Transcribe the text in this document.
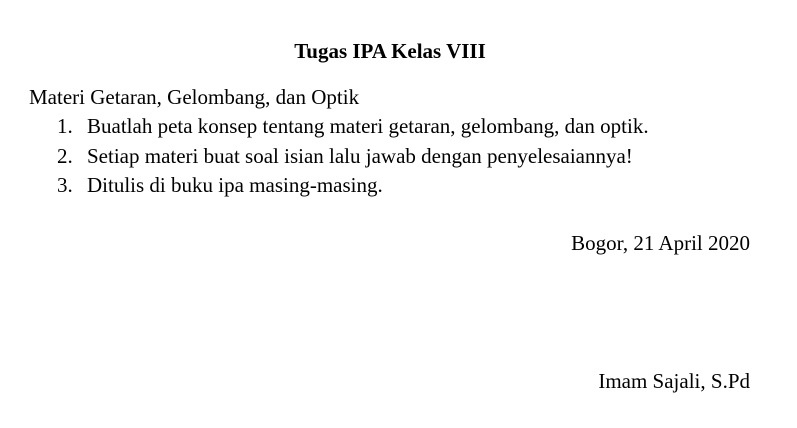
Tugas IPA Kelas VIII
Materi Getaran, Gelombang, dan Optik
1. Buatlah peta konsep tentang materi getaran, gelombang, dan optik.
2. Setiap materi buat soal isian lalu jawab dengan penyelesaiannya!
3. Ditulis di buku ipa masing-masing.
Bogor, 21 April 2020
Imam Sajali, S.Pd
